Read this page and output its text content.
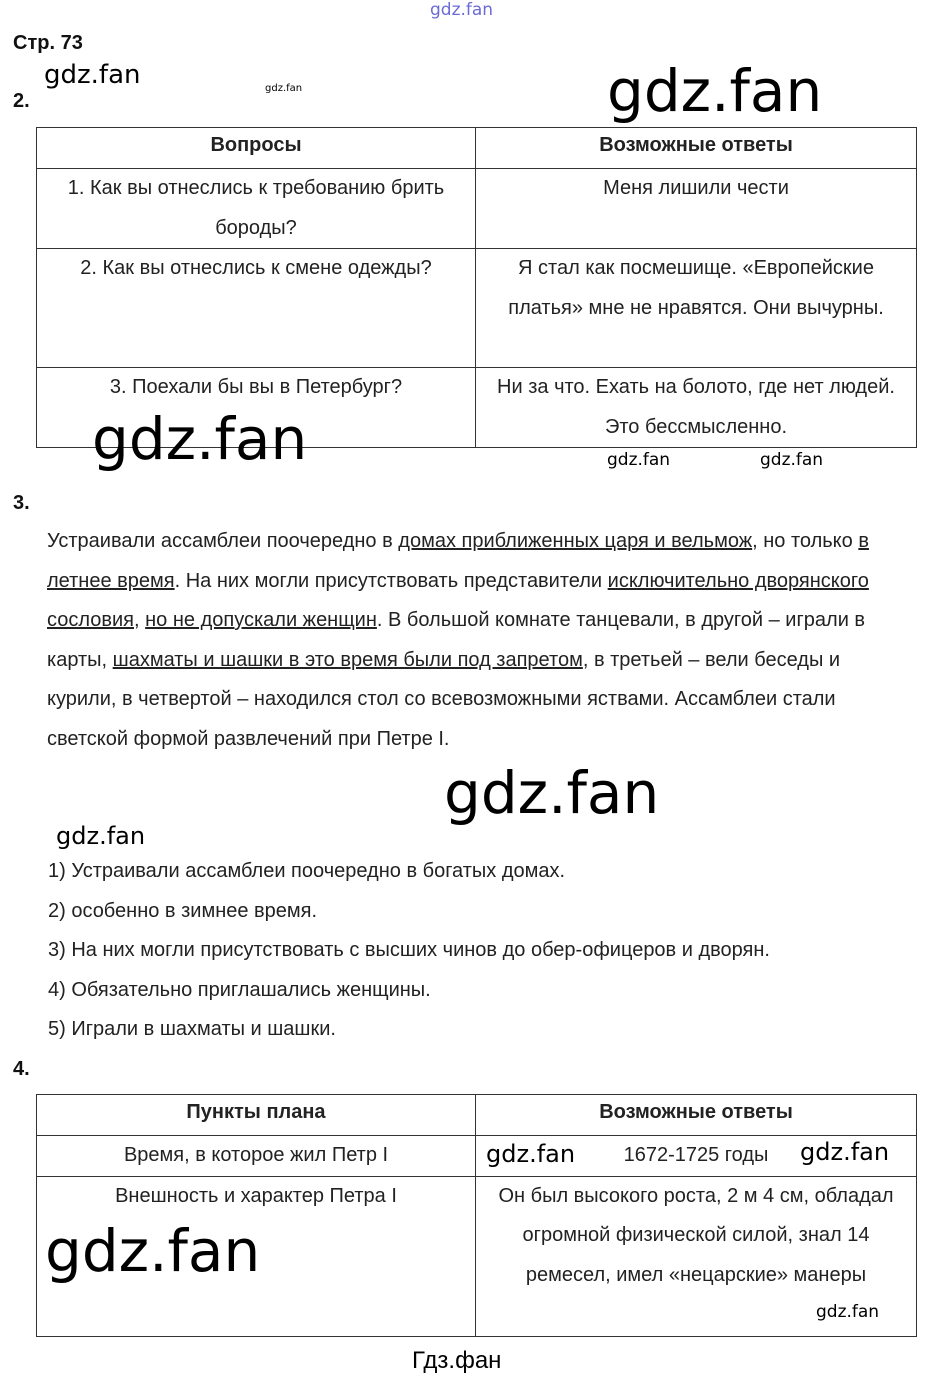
Стр. 73
2.
Вопросы	Возможные ответы
1. Как вы отнеслись к требованию брить бороды?	Меня лишили чести
2. Как вы отнеслись к смене одежды?	Я стал как посмешище. «Европейские платья» мне не нравятся. Они вычурны.
3. Поехали бы вы в Петербург?	Ни за что. Ехать на болото, где нет людей. Это бессмысленно.
3.
Устраивали ассамблеи поочередно в домах приближенных царя и вельмож, но только в летнее время. На них могли присутствовать представители исключительно дворянского сословия, но не допускали женщин. В большой комнате танцевали, в другой – играли в карты, шахматы и шашки в это время были под запретом, в третьей – вели беседы и курили, в четвертой – находился стол со всевозможными яствами. Ассамблеи стали светской формой развлечений при Петре I.
1) Устраивали ассамблеи поочередно в богатых домах.
2) особенно в зимнее время.
3) На них могли присутствовать с высших чинов до обер-офицеров и дворян.
4) Обязательно приглашались женщины.
5) Играли в шахматы и шашки.
4.
Пункты плана	Возможные ответы
Время, в которое жил Петр I	1672-1725 годы
Внешность и характер Петра I	Он был высокого роста, 2 м 4 см, обладал огромной физической силой, знал 14 ремесел, имел «нецарские» манеры
gdz.fan
gdz.fan	gdz.fan	gdz.fan
gdz.fan	gdz.fan	gdz.fan
gdz.fan
gdz.fan
gdz.fan
gdz.fan
gdz.fan
gdz.fan
Гдз.фан
